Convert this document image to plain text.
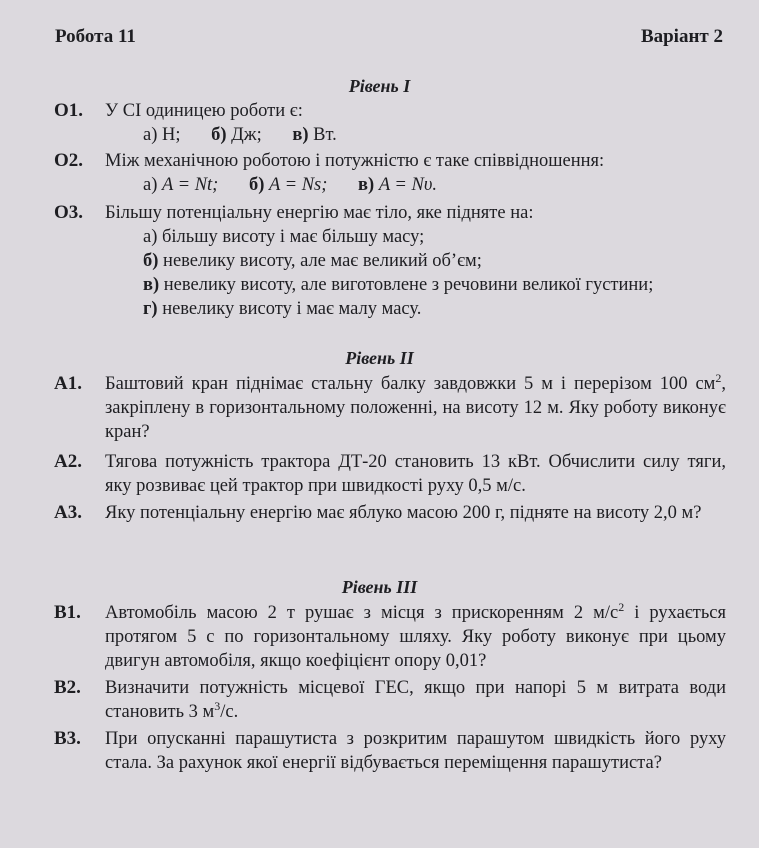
Робота 11	Варіант 2
Рівень I
О1. У СІ одиницею роботи є:
а) Н; б) Дж; в) Вт.
О2. Між механічною роботою і потужністю є таке співвідношення:
а) A = Nt; б) A = Ns; в) A = Nυ.
О3. Більшу потенціальну енергію має тіло, яке підняте на:
а) більшу висоту і має більшу масу;
б) невелику висоту, але має великий об’єм;
в) невелику висоту, але виготовлене з речовини великої густини;
г) невелику висоту і має малу масу.
Рівень II
А1. Баштовий кран піднімає стальну балку завдовжки 5 м і перерізом 100 $см^2$, закріплену в горизонтальному положенні, на висоту 12 м. Яку роботу виконує кран?
А2. Тягова потужність трактора ДТ-20 становить 13 кВт. Обчислити силу тяги, яку розвиває цей трактор при швидкості руху 0,5 м/с.
А3. Яку потенціальну енергію має яблуко масою 200 г, підняте на висоту 2,0 м?
Рівень III
В1. Автомобіль масою 2 т рушає з місця з прискоренням 2 $м/с^2$ і рухається протягом 5 с по горизонтальному шляху. Яку роботу виконує при цьому двигун автомобіля, якщо коефіцієнт опору 0,01?
В2. Визначити потужність місцевої ГЕС, якщо при напорі 5 м витрата води становить 3 $м^3/с$.
В3. При опусканні парашутиста з розкритим парашутом швидкість його руху стала. За рахунок якої енергії відбувається переміщення парашутиста?
